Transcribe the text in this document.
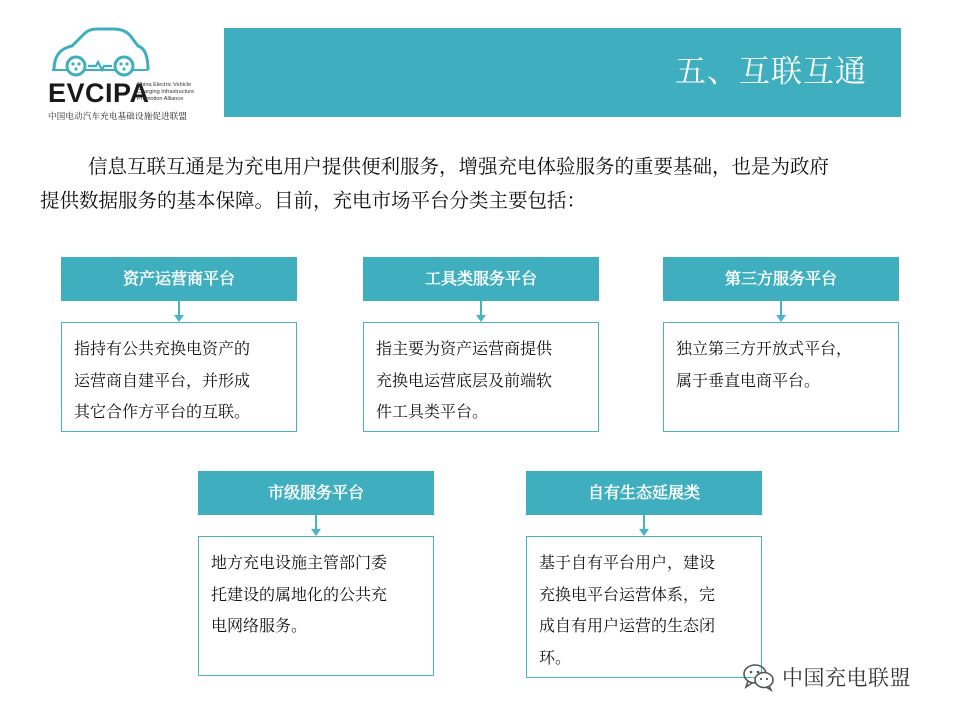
EVCIPA
China Electric Vehicle
Charging Infrastructure
Promotion Alliance
中国电动汽车充电基础设施促进联盟
五、互联互通

信息互联互通是为充电用户提供便利服务，增强充电体验服务的重要基础，也是为政府
提供数据服务的基本保障。目前，充电市场平台分类主要包括：

资产运营商平台
指持有公共充换电资产的
运营商自建平台，并形成
其它合作方平台的互联。
工具类服务平台
指主要为资产运营商提供
充换电运营底层及前端软
件工具类平台。
第三方服务平台
独立第三方开放式平台，
属于垂直电商平台。
市级服务平台
地方充电设施主管部门委
托建设的属地化的公共充
电网络服务。
自有生态延展类
基于自有平台用户，建设
充换电平台运营体系，完
成自有用户运营的生态闭
环。
中国充电联盟
